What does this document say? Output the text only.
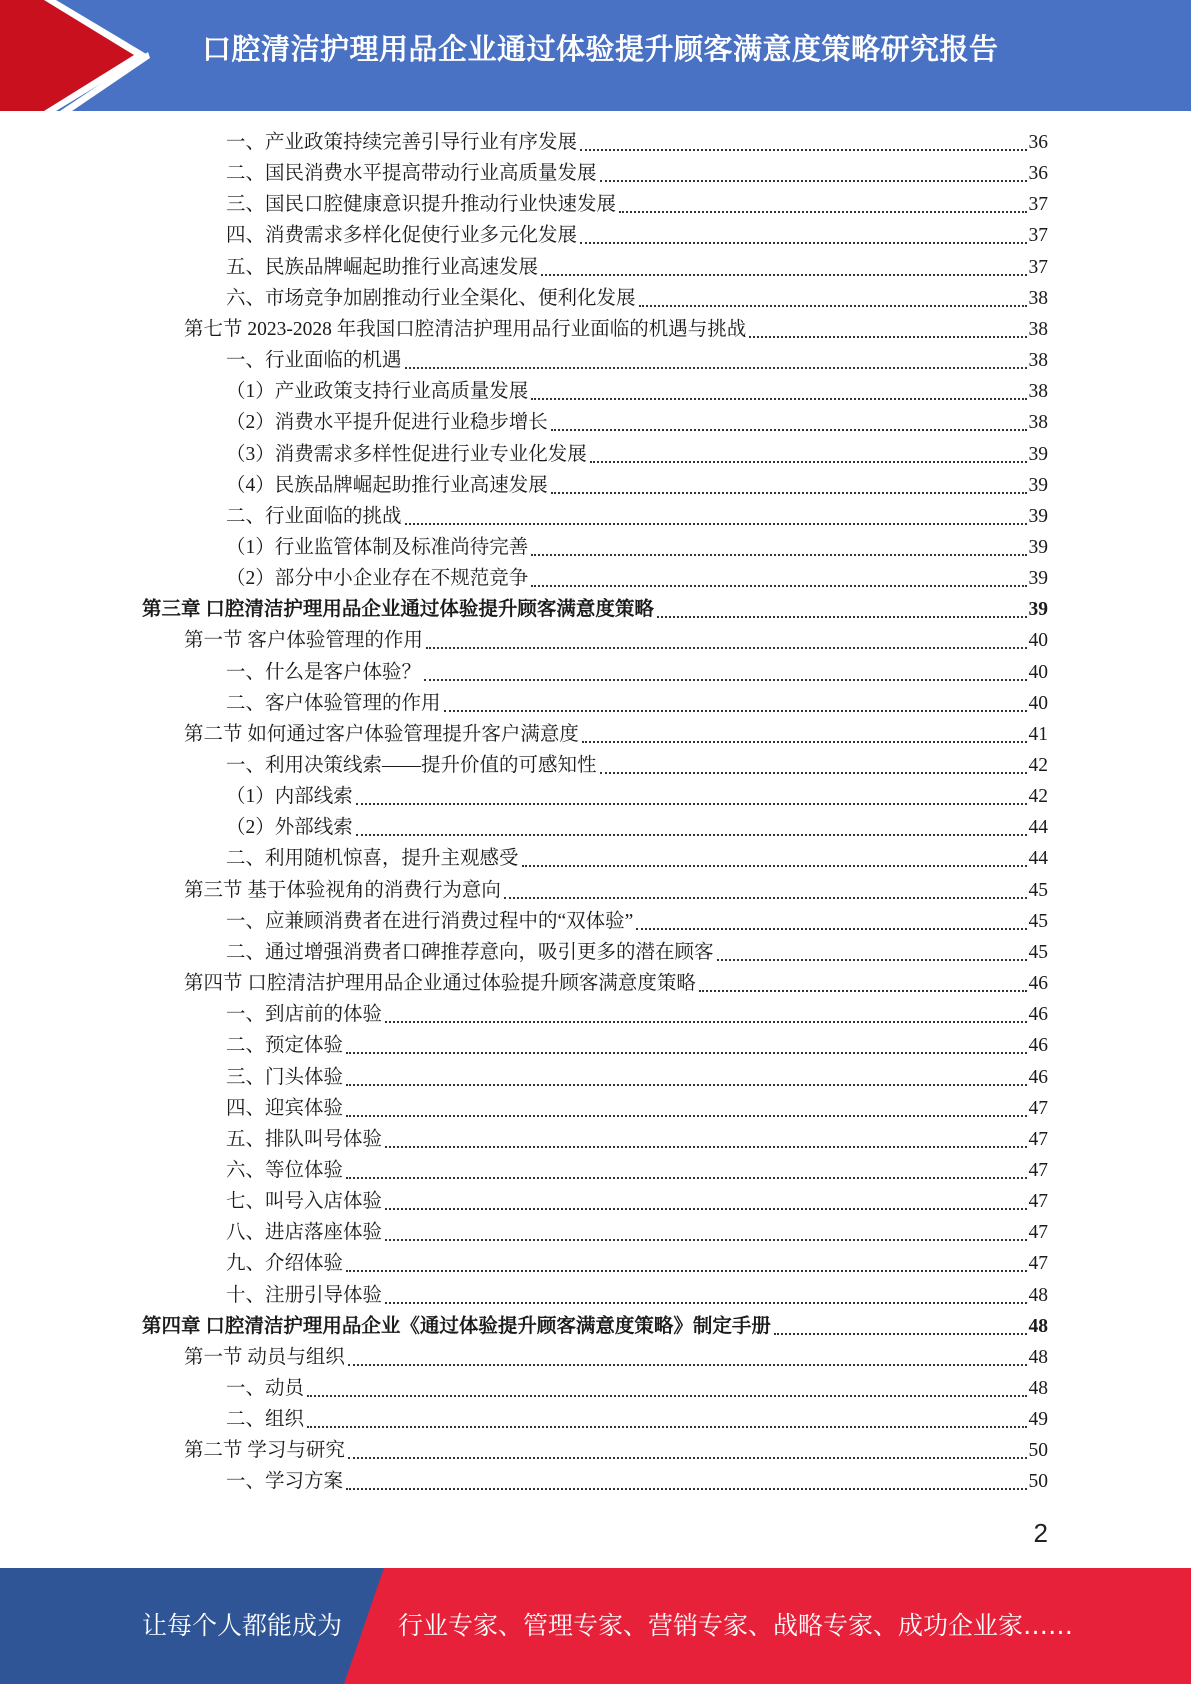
口腔清洁护理用品企业通过体验提升顾客满意度策略研究报告
一、产业政策持续完善引导行业有序发展	36
二、国民消费水平提高带动行业高质量发展	36
三、国民口腔健康意识提升推动行业快速发展	37
四、消费需求多样化促使行业多元化发展	37
五、民族品牌崛起助推行业高速发展	37
六、市场竞争加剧推动行业全渠化、便利化发展	38
第七节 2023-2028 年我国口腔清洁护理用品行业面临的机遇与挑战	38
一、行业面临的机遇	38
（1）产业政策支持行业高质量发展	38
（2）消费水平提升促进行业稳步增长	38
（3）消费需求多样性促进行业专业化发展	39
（4）民族品牌崛起助推行业高速发展	39
二、行业面临的挑战	39
（1）行业监管体制及标准尚待完善	39
（2）部分中小企业存在不规范竞争	39
第三章 口腔清洁护理用品企业通过体验提升顾客满意度策略	39
第一节 客户体验管理的作用	40
一、什么是客户体验？	40
二、客户体验管理的作用	40
第二节 如何通过客户体验管理提升客户满意度	41
一、利用决策线索——提升价值的可感知性	42
（1）内部线索	42
（2）外部线索	44
二、利用随机惊喜，提升主观感受	44
第三节 基于体验视角的消费行为意向	45
一、应兼顾消费者在进行消费过程中的“双体验”	45
二、通过增强消费者口碑推荐意向，吸引更多的潜在顾客	45
第四节 口腔清洁护理用品企业通过体验提升顾客满意度策略	46
一、到店前的体验	46
二、预定体验	46
三、门头体验	46
四、迎宾体验	47
五、排队叫号体验	47
六、等位体验	47
七、叫号入店体验	47
八、进店落座体验	47
九、介绍体验	47
十、注册引导体验	48
第四章 口腔清洁护理用品企业《通过体验提升顾客满意度策略》制定手册	48
第一节 动员与组织	48
一、动员	48
二、组织	49
第二节 学习与研究	50
一、学习方案	50
2
让每个人都能成为 行业专家、管理专家、营销专家、战略专家、成功企业家……
